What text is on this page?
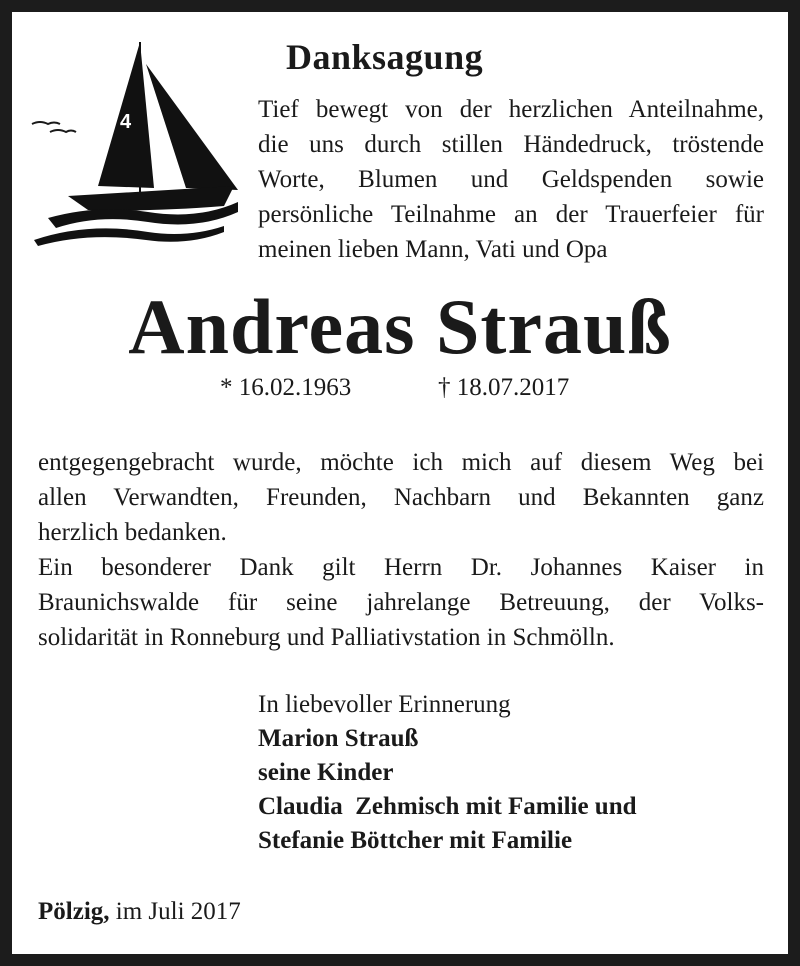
4
Danksagung
Tief bewegt von der herzlichen Anteilnahme,
die uns durch stillen Händedruck, tröstende
Worte, Blumen und Geldspenden sowie
persönliche Teilnahme an der Trauerfeier für
meinen lieben Mann, Vati und Opa
Andreas Strauß
* 16.02.1963	† 18.07.2017
entgegengebracht wurde, möchte ich mich auf diesem Weg bei
allen Verwandten, Freunden, Nachbarn und Bekannten ganz
herzlich bedanken.
Ein besonderer Dank gilt Herrn Dr. Johannes Kaiser in
Braunichswalde für seine jahrelange Betreuung, der Volks-
solidarität in Ronneburg und Palliativstation in Schmölln.
In liebevoller Erinnerung
Marion Strauß
seine Kinder
Claudia  Zehmisch mit Familie und
Stefanie Böttcher mit Familie
Pölzig, im Juli 2017
